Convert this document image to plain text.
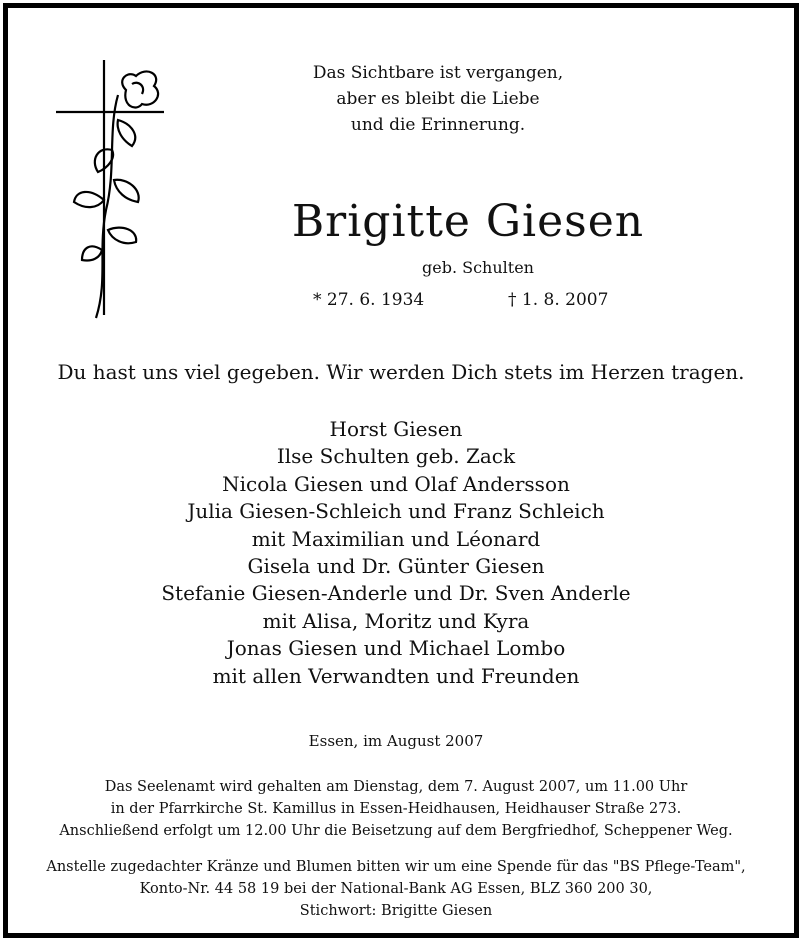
Das Sichtbare ist vergangen,
aber es bleibt die Liebe
und die Erinnerung.
Brigitte Giesen
geb. Schulten
* 27. 6. 1934	† 1. 8. 2007
Du hast uns viel gegeben. Wir werden Dich stets im Herzen tragen.
Horst Giesen
Ilse Schulten geb. Zack
Nicola Giesen und Olaf Andersson
Julia Giesen-Schleich und Franz Schleich
mit Maximilian und Léonard
Gisela und Dr. Günter Giesen
Stefanie Giesen-Anderle und Dr. Sven Anderle
mit Alisa, Moritz und Kyra
Jonas Giesen und Michael Lombo
mit allen Verwandten und Freunden
Essen, im August 2007
Das Seelenamt wird gehalten am Dienstag, dem 7. August 2007, um 11.00 Uhr
in der Pfarrkirche St. Kamillus in Essen-Heidhausen, Heidhauser Straße 273.
Anschließend erfolgt um 12.00 Uhr die Beisetzung auf dem Bergfriedhof, Scheppener Weg.
Anstelle zugedachter Kränze und Blumen bitten wir um eine Spende für das "BS Pflege-Team",
Konto-Nr. 44 58 19 bei der National-Bank AG Essen, BLZ 360 200 30,
Stichwort: Brigitte Giesen
